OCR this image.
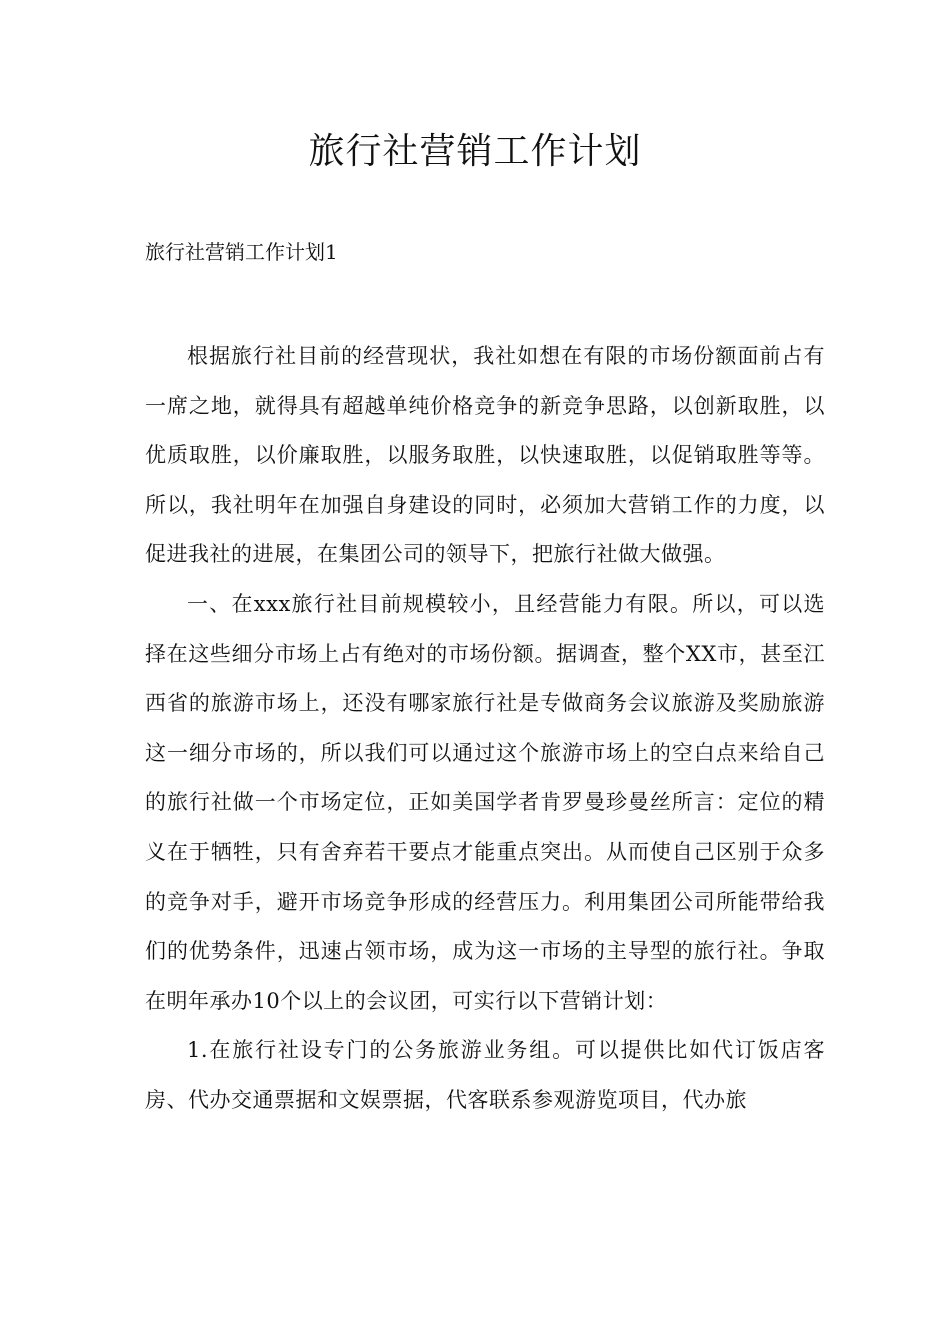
旅行社营销工作计划

旅行社营销工作计划1

根据旅行社目前的经营现状，我社如想在有限的市场份额面前占有一席之地，就得具有超越单纯价格竞争的新竞争思路，以创新取胜，以优质取胜，以价廉取胜，以服务取胜，以快速取胜，以促销取胜等等。所以，我社明年在加强自身建设的同时，必须加大营销工作的力度，以促进我社的进展，在集团公司的领导下，把旅行社做大做强。

一、在xxx旅行社目前规模较小，且经营能力有限。所以，可以选择在这些细分市场上占有绝对的市场份额。据调查，整个XX市，甚至江西省的旅游市场上，还没有哪家旅行社是专做商务会议旅游及奖励旅游这一细分市场的，所以我们可以通过这个旅游市场上的空白点来给自己的旅行社做一个市场定位，正如美国学者肯罗曼珍曼丝所言：定位的精义在于牺牲，只有舍弃若干要点才能重点突出。从而使自己区别于众多的竞争对手，避开市场竞争形成的经营压力。利用集团公司所能带给我们的优势条件，迅速占领市场，成为这一市场的主导型的旅行社。争取在明年承办10个以上的会议团，可实行以下营销计划：

1.在旅行社设专门的公务旅游业务组。可以提供比如代订饭店客房、代办交通票据和文娱票据，代客联系参观游览项目，代办旅
